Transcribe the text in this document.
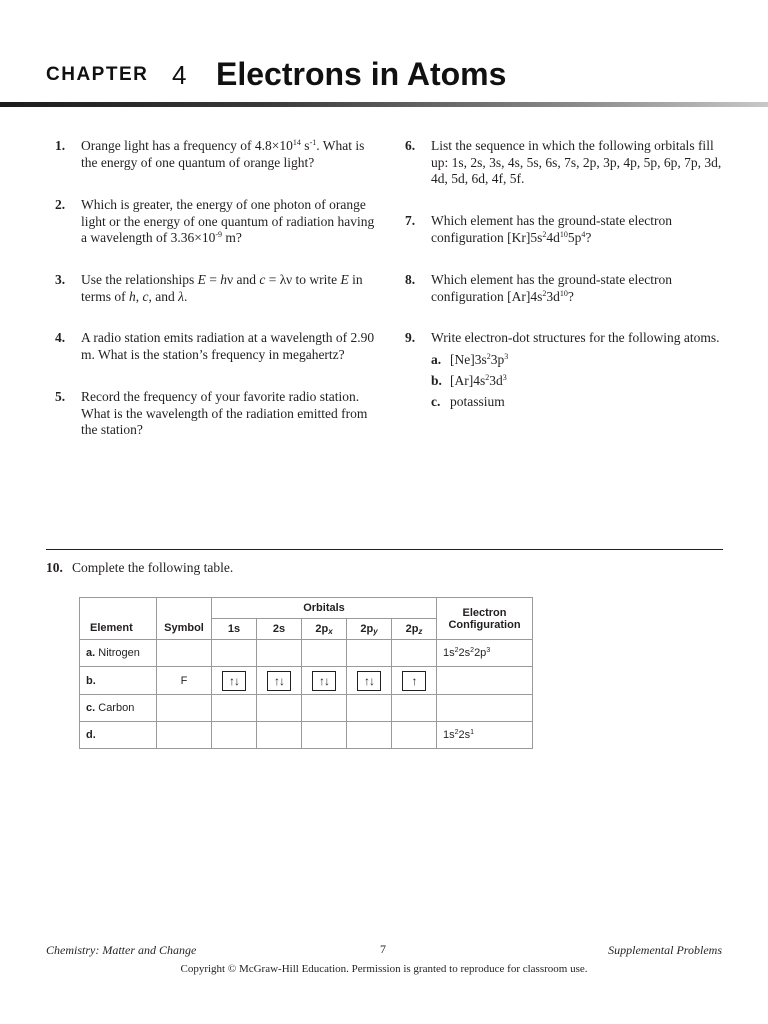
CHAPTER 4 Electrons in Atoms
1. Orange light has a frequency of $4.8\times 10^{14}$ $s^{-1}$. What is the energy of one quantum of orange light?
2. Which is greater, the energy of one photon of orange light or the energy of one quantum of radiation having a wavelength of $3.36\times 10^{-9}$ m?
3. Use the relationships E = hν and c = λν to write E in terms of h, c, and λ.
4. A radio station emits radiation at a wavelength of 2.90 m. What is the station’s frequency in megahertz?
5. Record the frequency of your favorite radio station. What is the wavelength of the radiation emitted from the station?
6. List the sequence in which the following orbitals fill up: 1s, 2s, 3s, 4s, 5s, 6s, 7s, 2p, 3p, 4p, 5p, 6p, 7p, 3d, 4d, 5d, 6d, 4f, 5f.
7. Which element has the ground-state electron configuration $[Kr]5s^24d^{10}5p^4$?
8. Which element has the ground-state electron configuration $[Ar]4s^23d^{10}$?
9. Write electron-dot structures for the following atoms.
a. $[Ne]3s^23p^3$
b. $[Ar]4s^23d^3$
c. potassium
10. Complete the following table.
Element	Symbol	Orbitals					Electron
Configuration
		1s	2s	$2p_x$	$2p_y$	$2p_z$
a. Nitrogen							$1s^22s^22p^3$
b.	F	↑↓	↑↓	↑↓	↑↓	↑	
c. Carbon							
d.							$1s^22s^1$
Chemistry: Matter and Change	7	Supplemental Problems
Copyright © McGraw-Hill Education. Permission is granted to reproduce for classroom use.
